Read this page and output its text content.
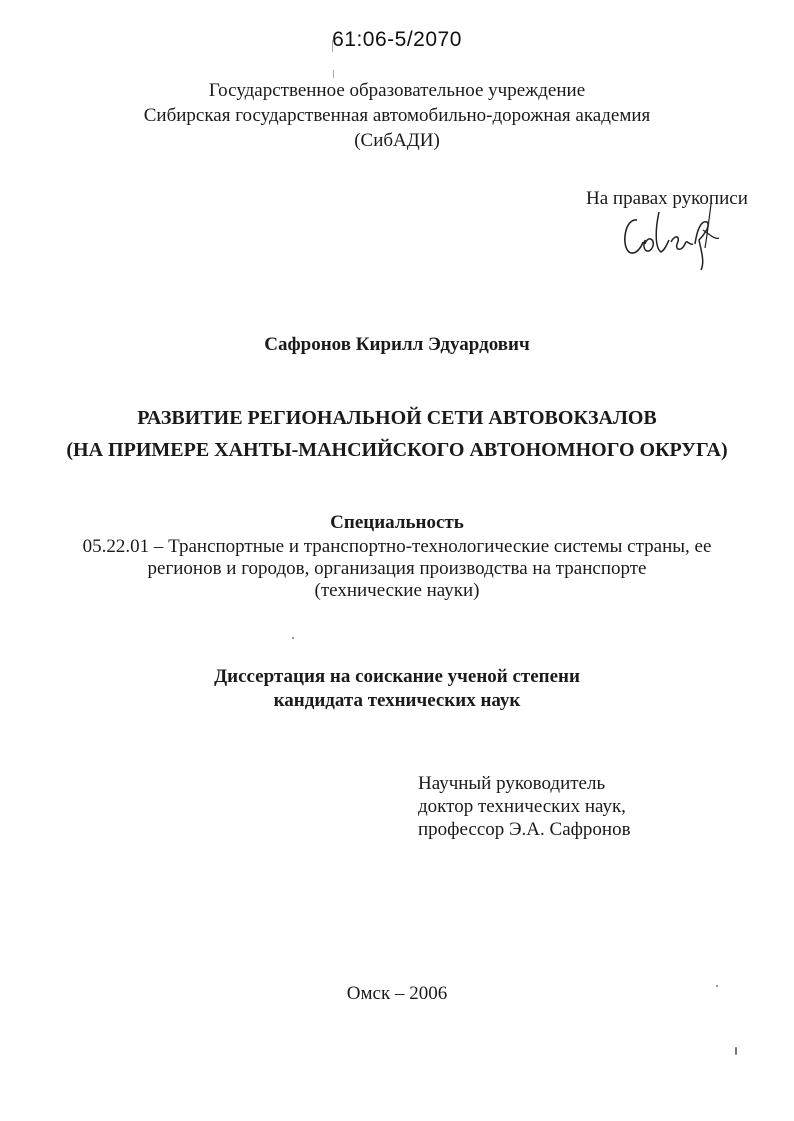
61:06-5/2070
Государственное образовательное учреждение
Сибирская государственная автомобильно-дорожная академия
(СибАДИ)
На правах рукописи
Сафронов Кирилл Эдуардович
РАЗВИТИЕ РЕГИОНАЛЬНОЙ СЕТИ АВТОВОКЗАЛОВ
(НА ПРИМЕРЕ ХАНТЫ-МАНСИЙСКОГО АВТОНОМНОГО ОКРУГА)
Специальность
05.22.01 – Транспортные и транспортно-технологические системы страны, ее
регионов и городов, организация производства на транспорте
(технические науки)
Диссертация на соискание ученой степени
кандидата технических наук
Научный руководитель
доктор технических наук,
профессор Э.А. Сафронов
Омск – 2006
